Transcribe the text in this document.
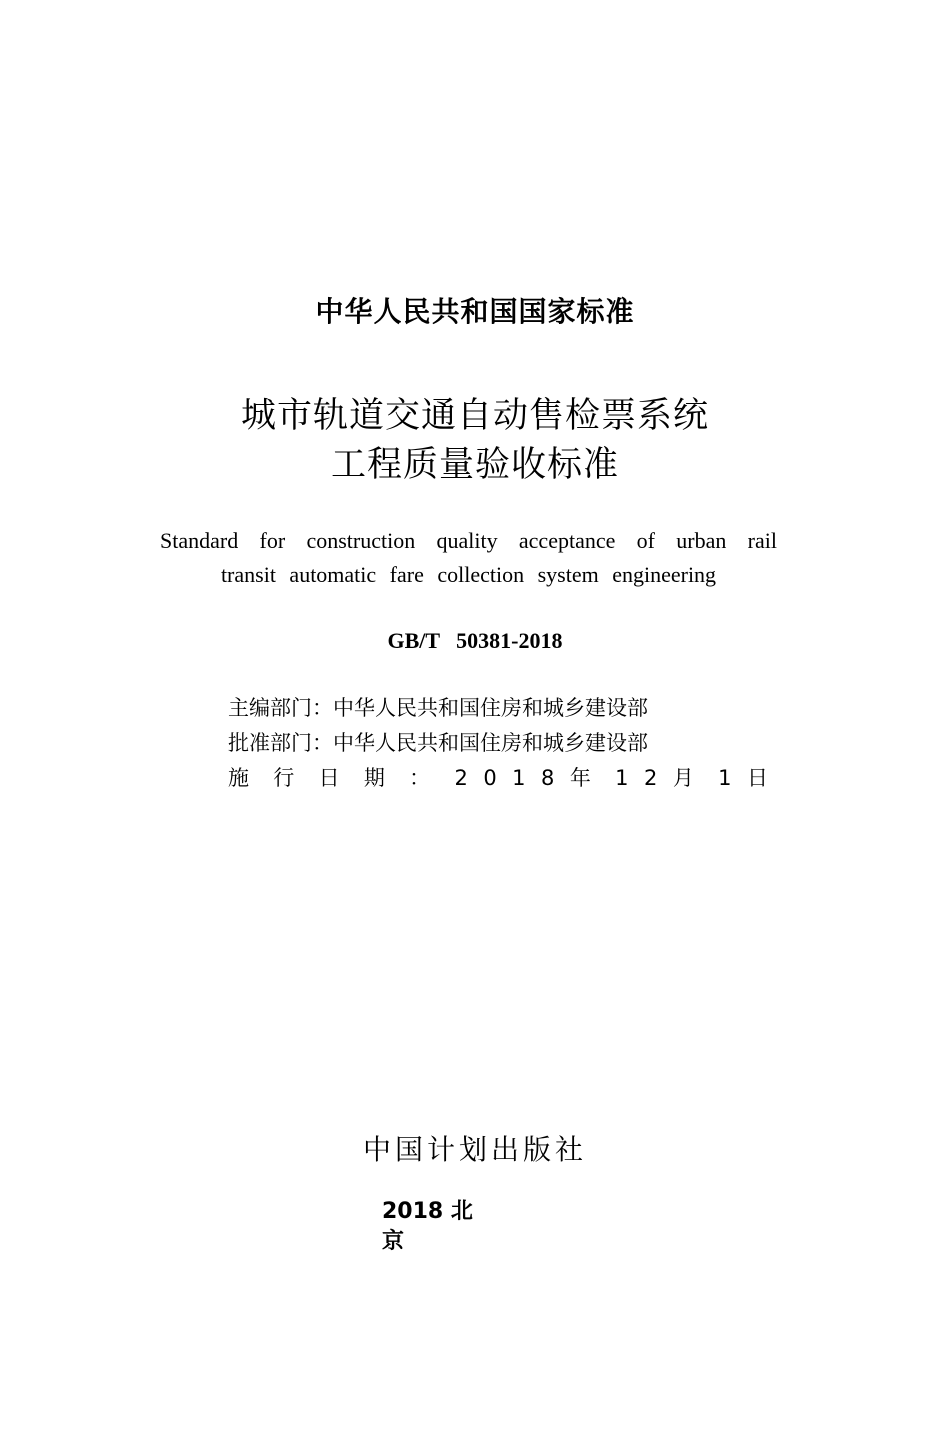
中华人民共和国国家标准
城市轨道交通自动售检票系统
工程质量验收标准
Standard for construction quality acceptance of urban rail transit automatic fare collection system engineering
GB/T   50381-2018
主编部门：中华人民共和国住房和城乡建设部
批准部门：中华人民共和国住房和城乡建设部
施 行 日 期 ： 2 0 1 8 年 1 2 月 1 日
中国计划出版社
2018 北京
